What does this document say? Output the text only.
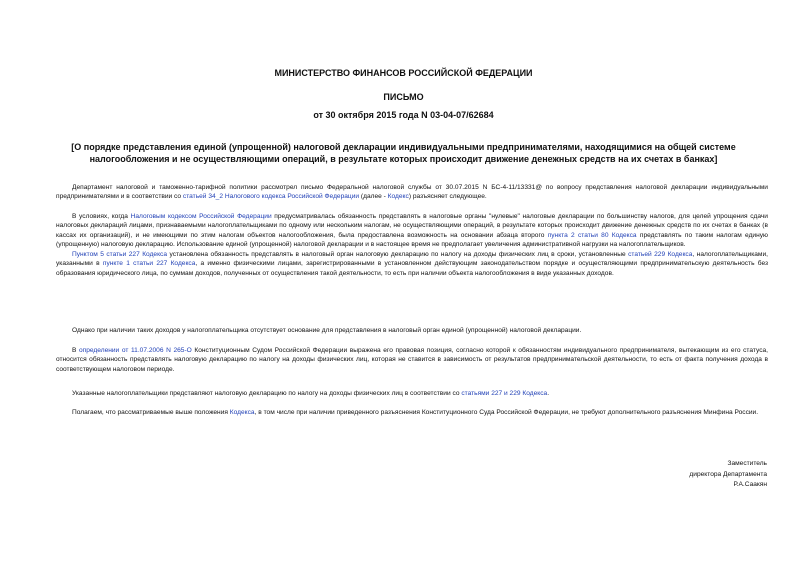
МИНИСТЕРСТВО ФИНАНСОВ РОССИЙСКОЙ ФЕДЕРАЦИИ

ПИСЬМО

от 30 октября 2015 года N 03-04-07/62684

[О порядке представления единой (упрощенной) налоговой декларации индивидуальными предпринимателями, находящимися на общей системе налогообложения и не осуществляющими операций, в результате которых происходит движение денежных средств на их счетах в банках]

Департамент налоговой и таможенно-тарифной политики рассмотрел письмо Федеральной налоговой службы от 30.07.2015 N БС-4-11/13331@ по вопросу представления налоговой декларации индивидуальными предпринимателями и в соответствии со статьей 34_2 Налогового кодекса Российской Федерации (далее - Кодекс) разъясняет следующее.

В условиях, когда Налоговым кодексом Российской Федерации предусматривалась обязанность представлять в налоговые органы "нулевые" налоговые декларации по большинству налогов, для целей упрощения сдачи налоговых деклараций лицами, признаваемыми налогоплательщиками по одному или нескольким налогам, не осуществляющими операций, в результате которых происходит движение денежных средств по их счетах в банках (в кассах их организаций), и не имеющими по этим налогам объектов налогообложения, была предоставлена возможность на основании абзаца второго пункта 2 статьи 80 Кодекса представлять по таким налогам единую (упрощенную) налоговую декларацию. Использование единой (упрощенной) налоговой декларации и в настоящее время не предполагает увеличения административной нагрузки на налогоплательщиков.

Пунктом 5 статьи 227 Кодекса установлена обязанность представлять в налоговый орган налоговую декларацию по налогу на доходы физических лиц в сроки, установленные статьей 229 Кодекса, налогоплательщиками, указанными в пункте 1 статьи 227 Кодекса, а именно физическими лицами, зарегистрированными в установленном действующим законодательством порядке и осуществляющими предпринимательскую деятельность без образования юридического лица, по суммам доходов, полученных от осуществления такой деятельности, то есть при наличии объекта налогообложения в виде указанных доходов.

Однако при наличии таких доходов у налогоплательщика отсутствует основание для представления в налоговый орган единой (упрощенной) налоговой декларации.

В определении от 11.07.2006 N 265-О Конституционным Судом Российской Федерации выражена его правовая позиция, согласно которой к обязанностям индивидуального предпринимателя, вытекающим из его статуса, относится обязанность представлять налоговую декларацию по налогу на доходы физических лиц, которая не ставится в зависимость от результатов предпринимательской деятельности, то есть от факта получения дохода в соответствующем налоговом периоде.

Указанные налогоплательщики представляют налоговую декларацию по налогу на доходы физических лиц в соответствии со статьями 227 и 229 Кодекса.

Полагаем, что рассматриваемые выше положения Кодекса, в том числе при наличии приведенного разъяснения Конституционного Суда Российской Федерации, не требуют дополнительного разъяснения Минфина России.

Заместитель
директора Департамента
Р.А.Саакян
